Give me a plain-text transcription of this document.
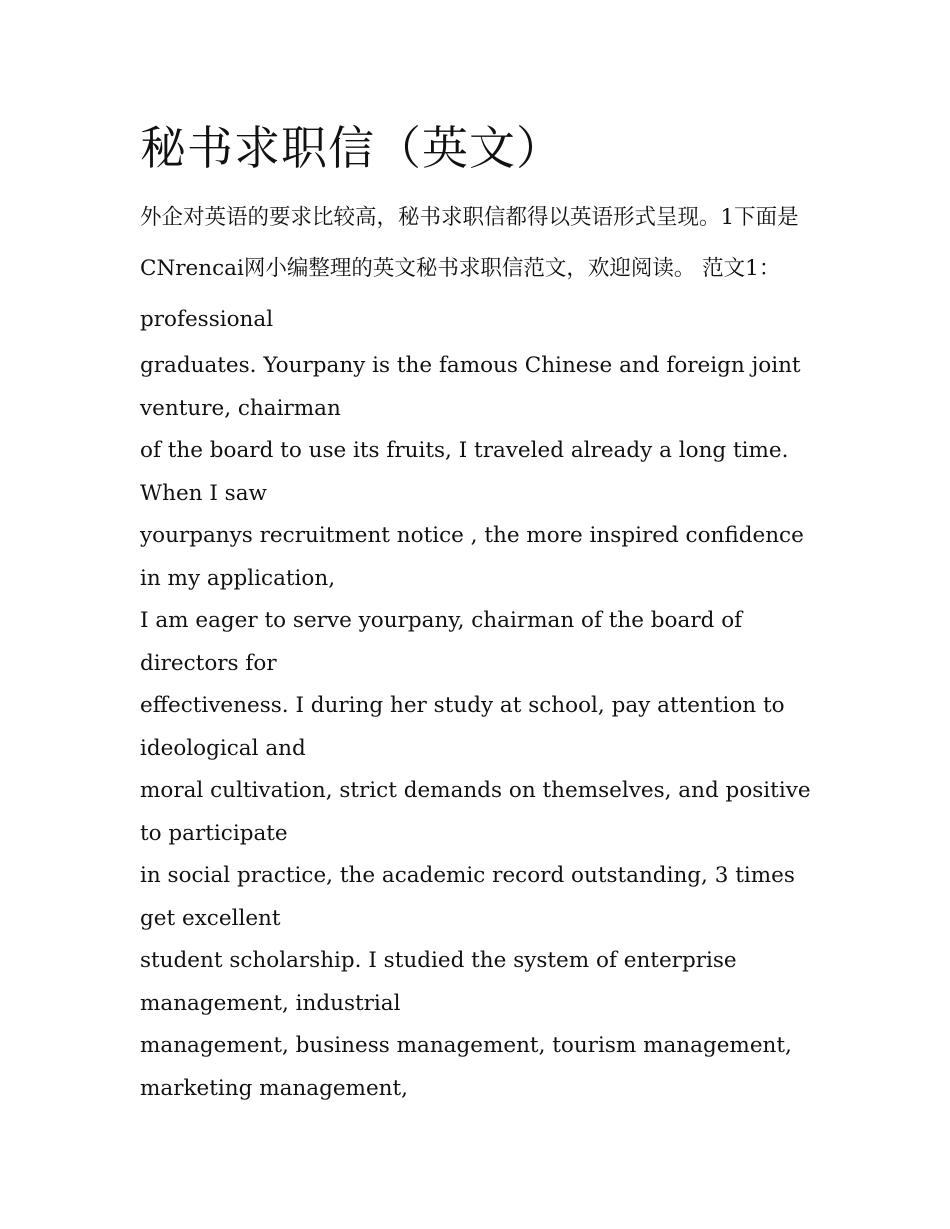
秘书求职信（英文）

外企对英语的要求比较高，秘书求职信都得以英语形式呈现。1下面是CNrencai网小编整理的英文秘书求职信范文，欢迎阅读。 范文1： professional

graduates. Yourpany is the famous Chinese and foreign joint venture, chairman

of the board to use its fruits, I traveled already a long time. When I saw

yourpanys recruitment notice , the more inspired confidence in my application,

I am eager to serve yourpany, chairman of the board of directors for

effectiveness. I during her study at school, pay attention to ideological and

moral cultivation, strict demands on themselves, and positive to participate

in social practice, the academic record outstanding, 3 times get excellent

student scholarship. I studied the system of enterprise management, industrial

management, business management, tourism management, marketing management,
